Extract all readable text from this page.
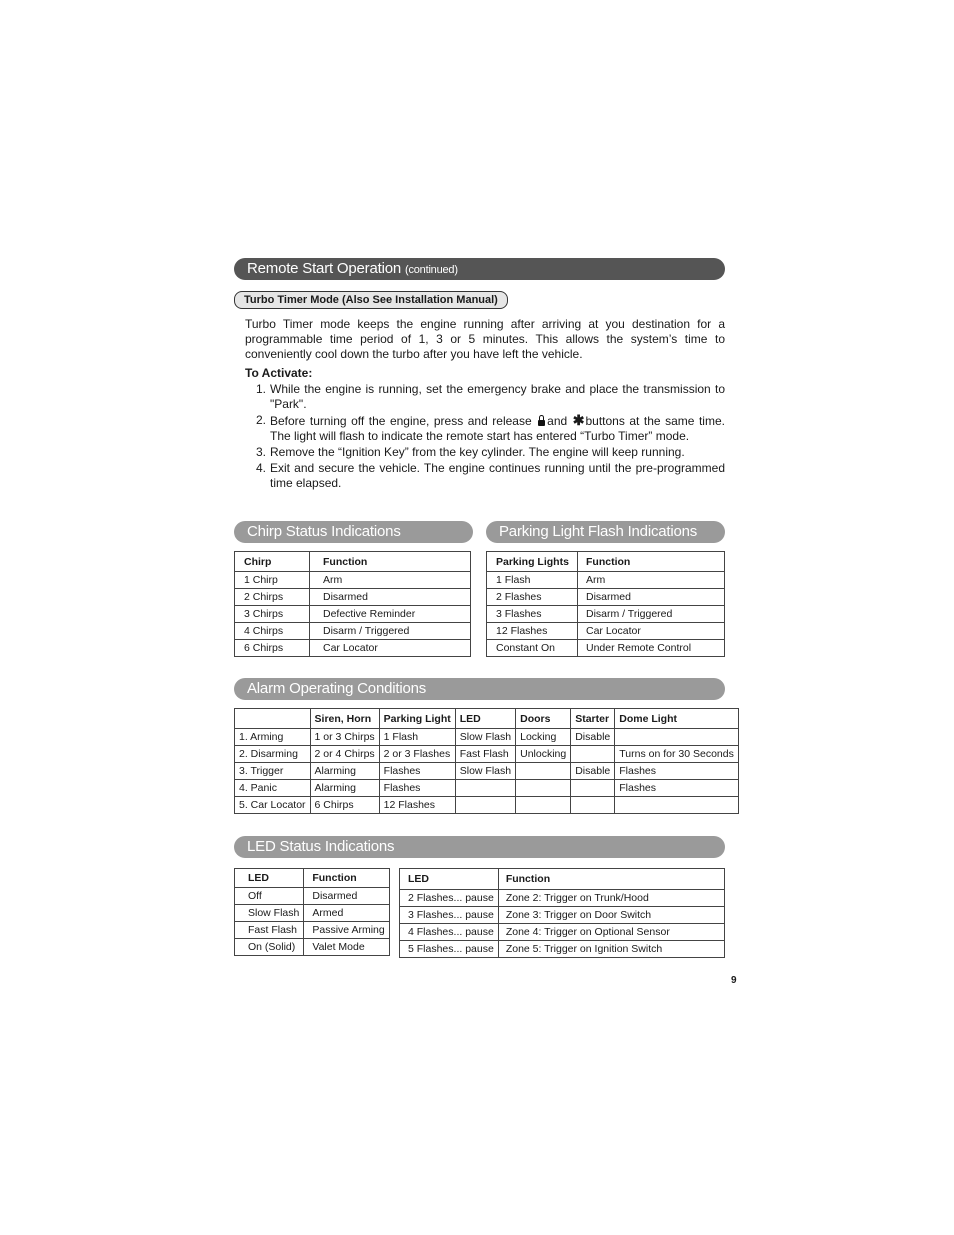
Remote Start Operation (continued)
Turbo Timer Mode (Also See Installation Manual)
Turbo Timer mode keeps the engine running after arriving at you destination for a programmable time period of 1, 3 or 5 minutes. This allows the system’s time to conveniently cool down the turbo after you have left the vehicle.
To Activate:
1. While the engine is running, set the emergency brake and place the transmission to "Park".
2. Before turning off the engine, press and release and ✱buttons at the same time. The light will flash to indicate the remote start has entered “Turbo Timer” mode.
3. Remove the “Ignition Key” from the key cylinder. The engine will keep running.
4. Exit and secure the vehicle. The engine continues running until the pre-programmed time elapsed.
Chirp Status Indications
Chirp	Function
1 Chirp	Arm
2 Chirps	Disarmed
3 Chirps	Defective Reminder
4 Chirps	Disarm / Triggered
6 Chirps	Car Locator
Parking Light Flash Indications
Parking Lights	Function
1 Flash	Arm
2 Flashes	Disarmed
3 Flashes	Disarm / Triggered
12 Flashes	Car Locator
Constant On	Under Remote Control
Alarm Operating Conditions
	Siren, Horn	Parking Light	LED	Doors	Starter	Dome Light
1. Arming	1 or 3 Chirps	1 Flash	Slow Flash	Locking	Disable	
2. Disarming	2 or 4 Chirps	2 or 3 Flashes	Fast Flash	Unlocking		Turns on for 30 Seconds
3. Trigger	Alarming	Flashes	Slow Flash		Disable	Flashes
4. Panic	Alarming	Flashes				Flashes
5. Car Locator	6 Chirps	12 Flashes				
LED Status Indications
LED	Function
Off	Disarmed
Slow Flash	Armed
Fast Flash	Passive Arming
On (Solid)	Valet Mode
LED	Function
2 Flashes... pause	Zone 2: Trigger on Trunk/Hood
3 Flashes... pause	Zone 3: Trigger on Door Switch
4 Flashes... pause	Zone 4: Trigger on Optional Sensor
5 Flashes... pause	Zone 5: Trigger on Ignition Switch
9
